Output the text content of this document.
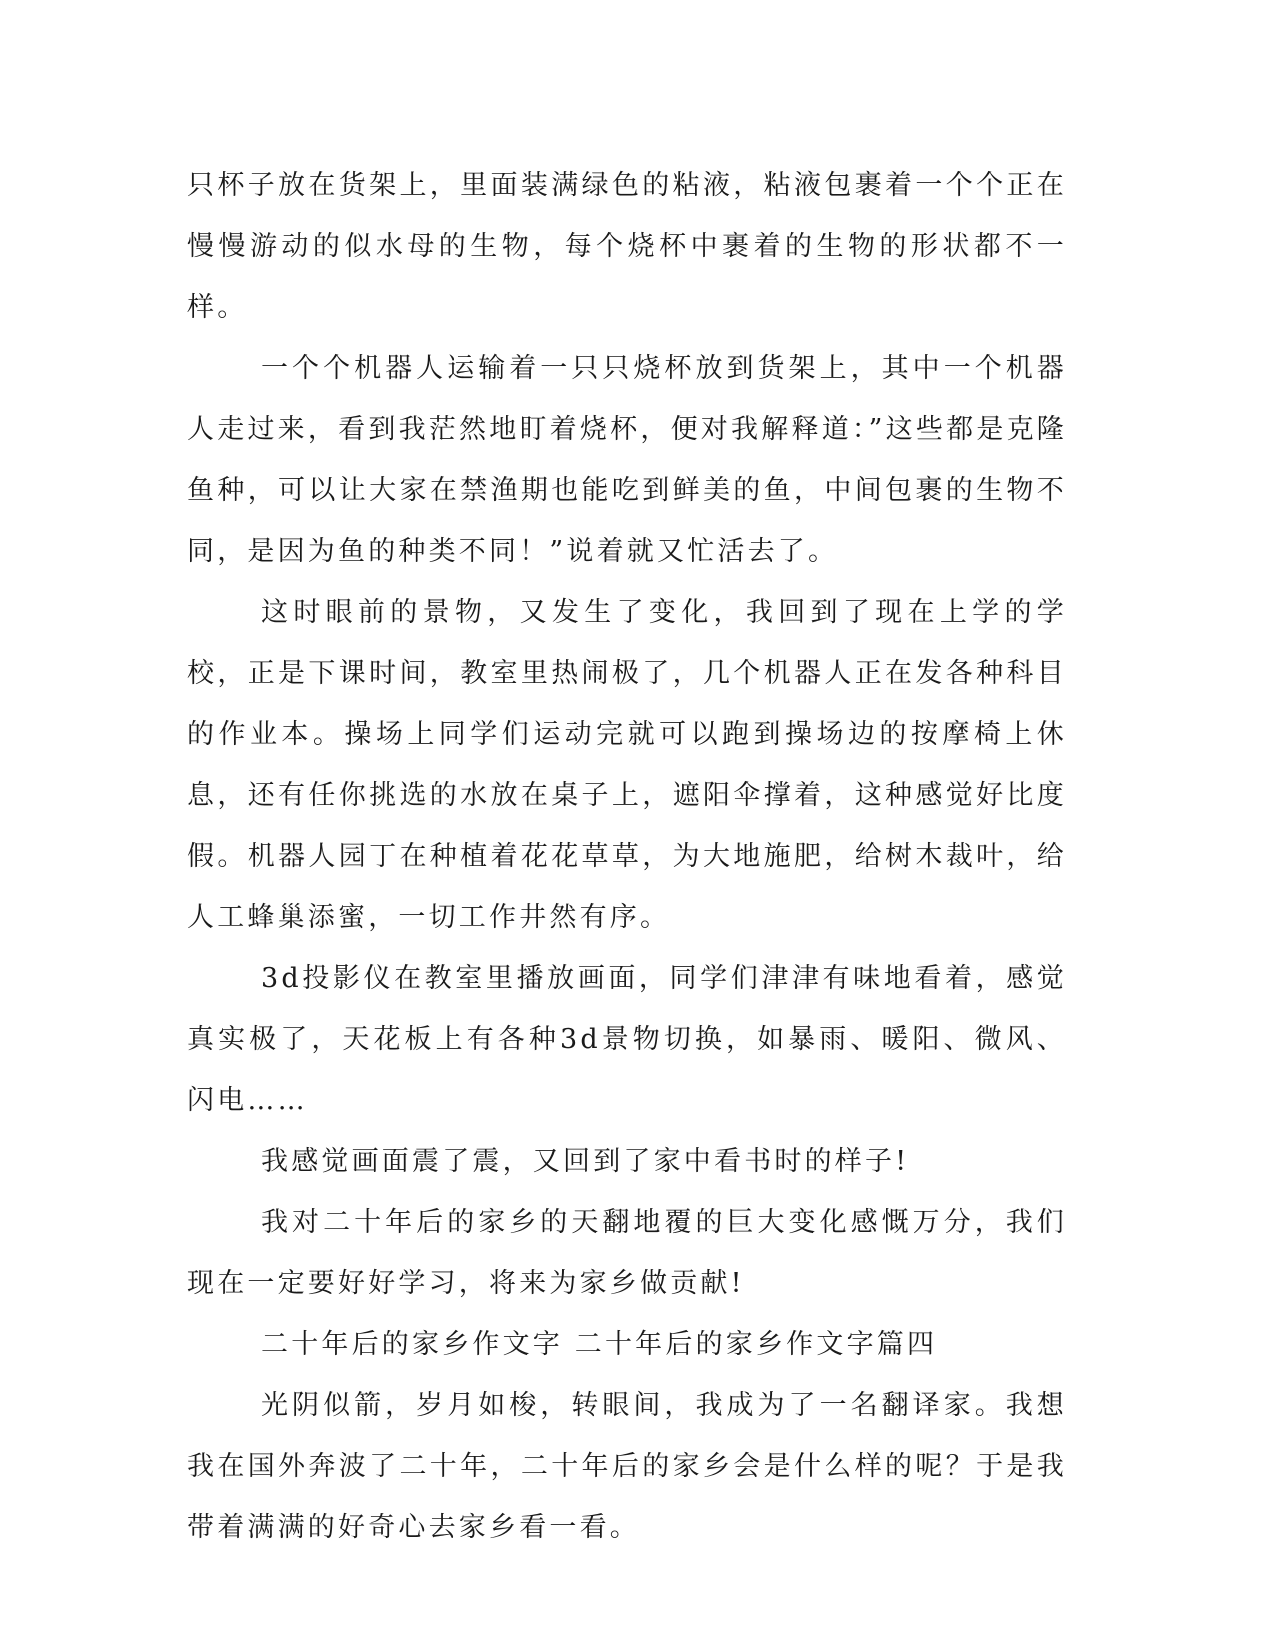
只杯子放在货架上，里面装满绿色的粘液，粘液包裹着一个个正在慢慢游动的似水母的生物，每个烧杯中裹着的生物的形状都不一样。

一个个机器人运输着一只只烧杯放到货架上，其中一个机器人走过来，看到我茫然地盯着烧杯，便对我解释道：”这些都是克隆鱼种，可以让大家在禁渔期也能吃到鲜美的鱼，中间包裹的生物不同，是因为鱼的种类不同！”说着就又忙活去了。

这时眼前的景物，又发生了变化，我回到了现在上学的学校，正是下课时间，教室里热闹极了，几个机器人正在发各种科目的作业本。操场上同学们运动完就可以跑到操场边的按摩椅上休息，还有任你挑选的水放在桌子上，遮阳伞撑着，这种感觉好比度假。机器人园丁在种植着花花草草，为大地施肥，给树木裁叶，给人工蜂巢添蜜，一切工作井然有序。

3d投影仪在教室里播放画面，同学们津津有味地看着，感觉真实极了，天花板上有各种3d景物切换，如暴雨、暖阳、微风、闪电……

我感觉画面震了震，又回到了家中看书时的样子!

我对二十年后的家乡的天翻地覆的巨大变化感慨万分，我们现在一定要好好学习，将来为家乡做贡献!

二十年后的家乡作文字 二十年后的家乡作文字篇四

光阴似箭，岁月如梭，转眼间，我成为了一名翻译家。我想我在国外奔波了二十年，二十年后的家乡会是什么样的呢？于是我带着满满的好奇心去家乡看一看。
